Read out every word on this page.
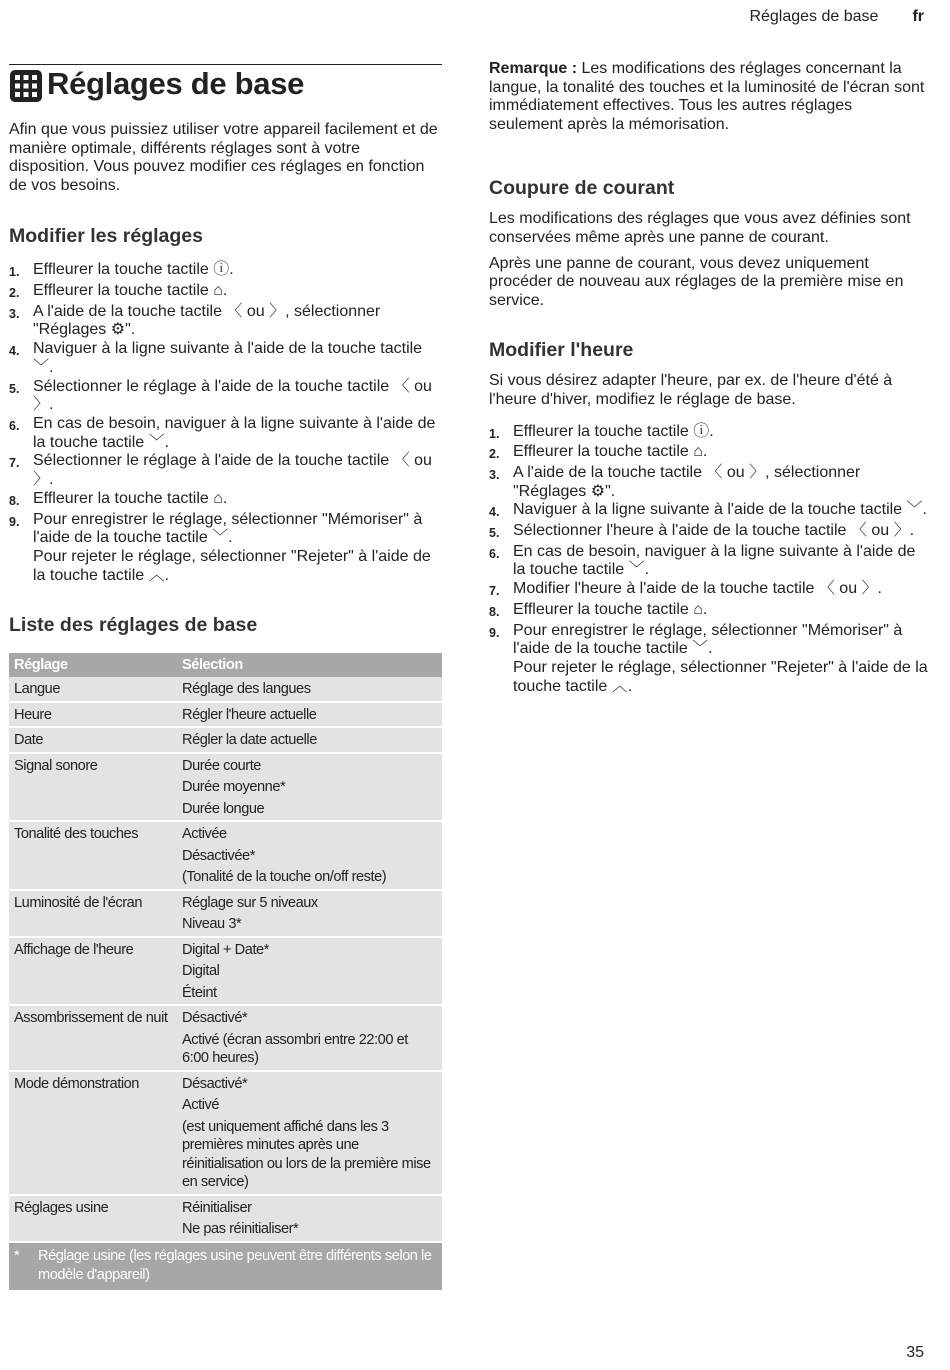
Réglages de base fr
Réglages de base

Afin que vous puissiez utiliser votre appareil facilement et de manière optimale, différents réglages sont à votre disposition. Vous pouvez modifier ces réglages en fonction de vos besoins.

Modifier les réglages
1. Effleurer la touche tactile ⓘ.
2. Effleurer la touche tactile ⌂.
3. A l'aide de la touche tactile 〈 ou 〉, sélectionner "Réglages ⚙".
4. Naviguer à la ligne suivante à l'aide de la touche tactile ﹀.
5. Sélectionner le réglage à l'aide de la touche tactile 〈 ou 〉.
6. En cas de besoin, naviguer à la ligne suivante à l'aide de la touche tactile ﹀.
7. Sélectionner le réglage à l'aide de la touche tactile 〈 ou 〉.
8. Effleurer la touche tactile ⌂.
9. Pour enregistrer le réglage, sélectionner "Mémoriser" à l'aide de la touche tactile ﹀.
Pour rejeter le réglage, sélectionner "Rejeter" à l'aide de la touche tactile ︿.
Liste des réglages de base
Réglage	Sélection
Langue	Réglage des langues

Heure	Régler l'heure actuelle

Date	Régler la date actuelle

Signal sonore	Durée courte
Durée moyenne*
Durée longue

Tonalité des touches	Activée
Désactivée*
(Tonalité de la touche on/off reste)

Luminosité de l'écran	Réglage sur 5 niveaux
Niveau 3*

Affichage de l'heure	Digital + Date*
Digital
Éteint

Assombrissement de nuit	Désactivé*
Activé (écran assombri entre 22:00 et 6:00 heures)

Mode démonstration	Désactivé*
Activé
(est uniquement affiché dans les 3 premières minutes après une réinitialisation ou lors de la première mise en service)

Réglages usine	Réinitialiser
Ne pas réinitialiser*

* Réglage usine (les réglages usine peuvent être différents selon le modèle d'appareil)	

Remarque : Les modifications des réglages concernant la langue, la tonalité des touches et la luminosité de l'écran sont immédiatement effectives. Tous les autres réglages seulement après la mémorisation.

Coupure de courant

Les modifications des réglages que vous avez définies sont conservées même après une panne de courant.

Après une panne de courant, vous devez uniquement procéder de nouveau aux réglages de la première mise en service.

Modifier l'heure

Si vous désirez adapter l'heure, par ex. de l'heure d'été à l'heure d'hiver, modifiez le réglage de base.

1. Effleurer la touche tactile ⓘ.
2. Effleurer la touche tactile ⌂.
3. A l'aide de la touche tactile 〈 ou 〉, sélectionner "Réglages ⚙".
4. Naviguer à la ligne suivante à l'aide de la touche tactile ﹀.
5. Sélectionner l'heure à l'aide de la touche tactile 〈 ou 〉.
6. En cas de besoin, naviguer à la ligne suivante à l'aide de la touche tactile ﹀.
7. Modifier l'heure à l'aide de la touche tactile 〈 ou 〉.
8. Effleurer la touche tactile ⌂.
9. Pour enregistrer le réglage, sélectionner "Mémoriser" à l'aide de la touche tactile ﹀.
Pour rejeter le réglage, sélectionner "Rejeter" à l'aide de la touche tactile ︿.
35
